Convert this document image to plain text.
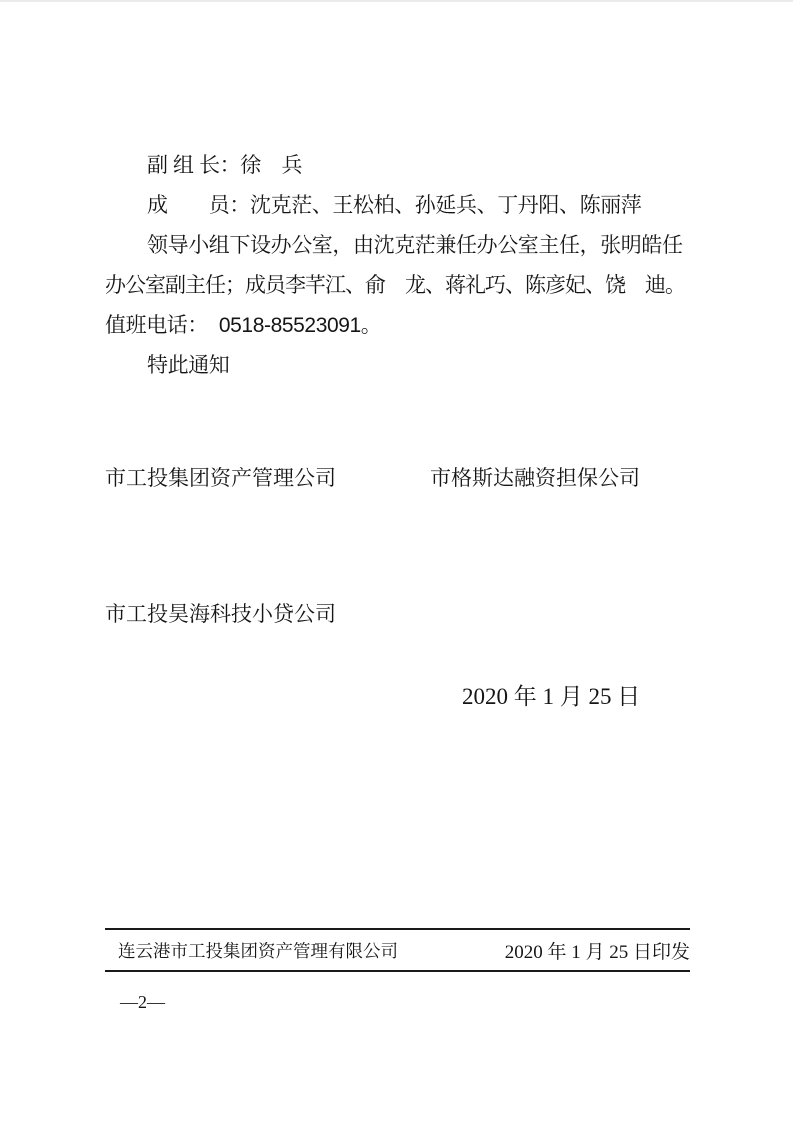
副 组 长：徐　兵

成　　员：沈克茫、王松柏、孙延兵、丁丹阳、陈丽萍

领导小组下设办公室，由沈克茫兼任办公室主任，张明皓任

办公室副主任；成员李芊江、俞　龙、蒋礼巧、陈彦妃、饶　迪。

值班电话：  0518-85523091。

特此通知

市工投集团资产管理公司	市格斯达融资担保公司
市工投昊海科技小贷公司
2020 年 1 月 25 日
连云港市工投集团资产管理有限公司	2020 年 1 月 25 日印发
—2—
